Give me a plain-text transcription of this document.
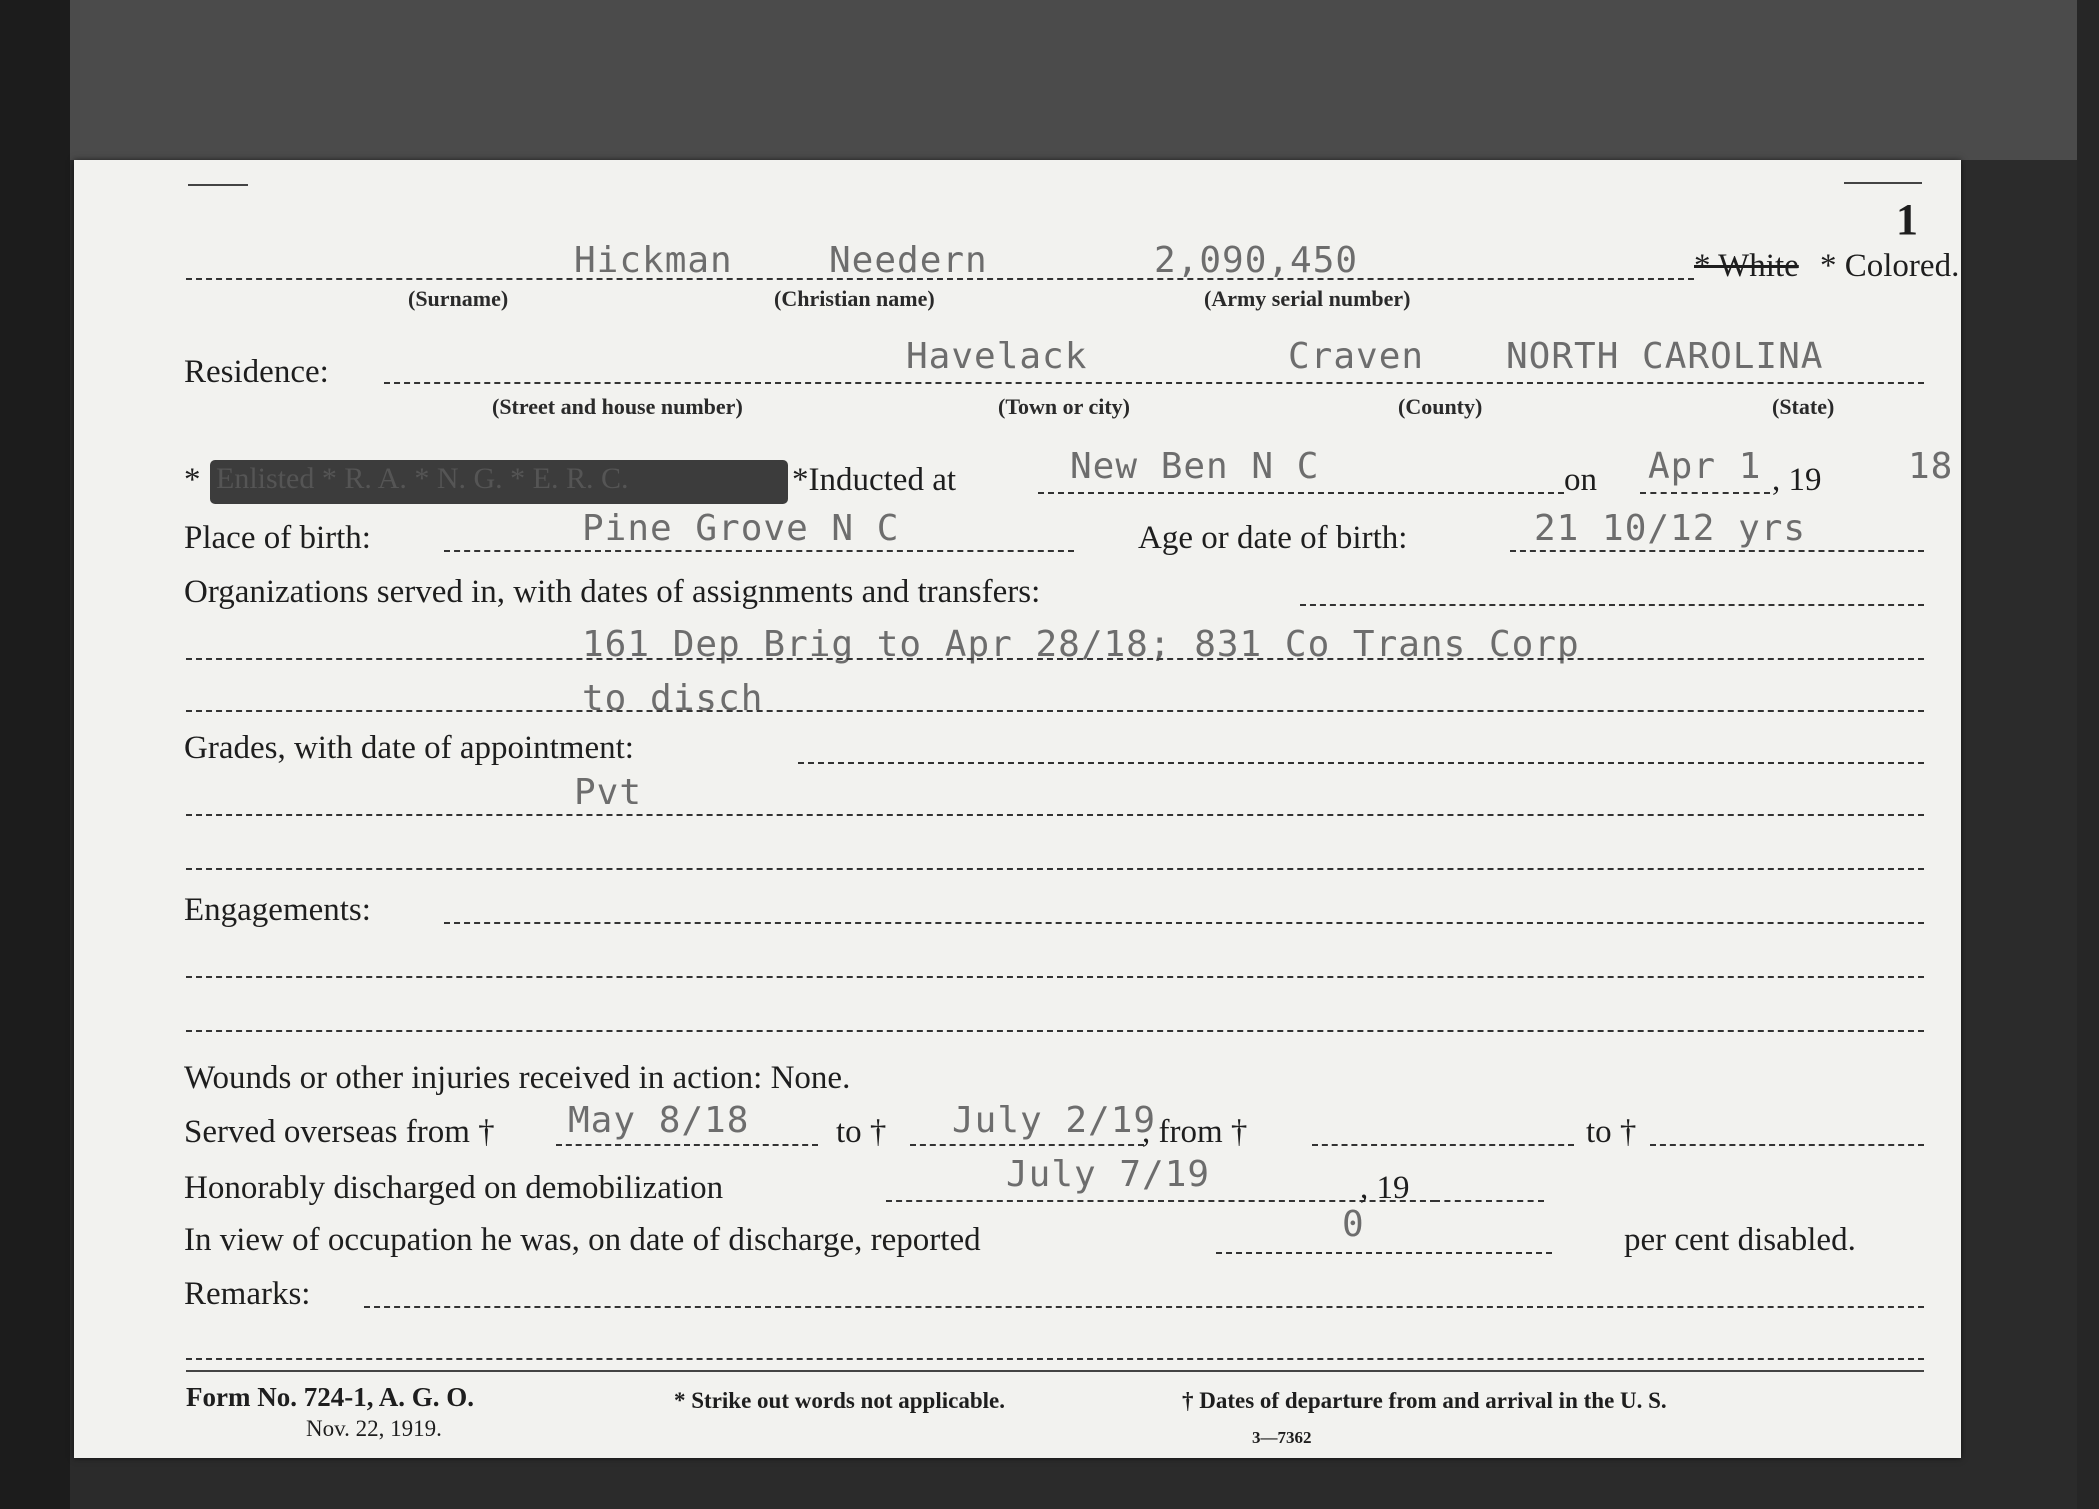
1
Hickman	Needern	2,090,450	* White * Colored.
(Surname)	(Christian name)	(Army serial number)
Residence:	Havelack	Craven NORTH CAROLINA
(Street and house number)	(Town or city)	(County)	(State)
* Enlisted * R. A. * N. G. * E. R. C.	*Inducted at	New Ben N C	on Apr 1 , 19 18
Place of birth:	Pine Grove N C	Age or date of birth:	21 10/12 yrs
Organizations served in, with dates of assignments and transfers:
161 Dep Brig to Apr 28/18; 831 Co Trans Corp
to disch
Grades, with date of appointment:
Pvt
Engagements:
Wounds or other injuries received in action: None.
Served overseas from † May 8/18	to † July 2/19
, from †	to †
Honorably discharged on demobilization	July 7/19	, 19
In view of occupation he was, on date of discharge, reported	0	per cent disabled.
Remarks:
Form No. 724-1, A. G. O.
Nov. 22, 1919.
* Strike out words not applicable.	† Dates of departure from and arrival in the U. S.
3—7362
